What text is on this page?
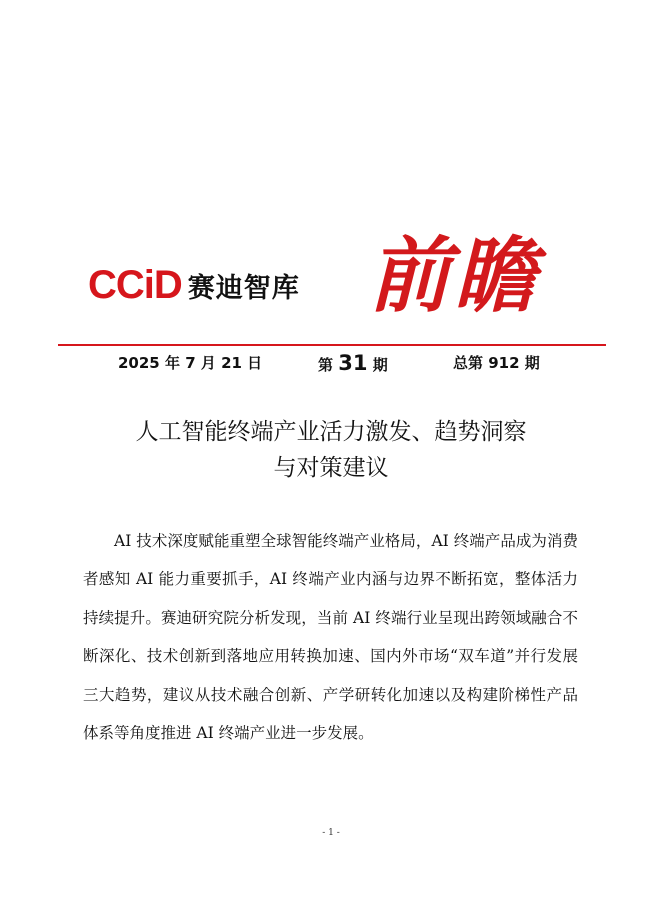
CCiD 赛迪智库 前瞻
2025 年 7 月 21 日	第 31 期	总第 912 期
人工智能终端产业活力激发、趋势洞察
与对策建议

AI 技术深度赋能重塑全球智能终端产业格局，AI 终端产品成为消费者感知 AI 能力重要抓手，AI 终端产业内涵与边界不断拓宽，整体活力持续提升。赛迪研究院分析发现，当前 AI 终端行业呈现出跨领域融合不断深化、技术创新到落地应用转换加速、国内外市场“双车道”并行发展三大趋势，建议从技术融合创新、产学研转化加速以及构建阶梯性产品体系等角度推进 AI 终端产业进一步发展。

- 1 -
